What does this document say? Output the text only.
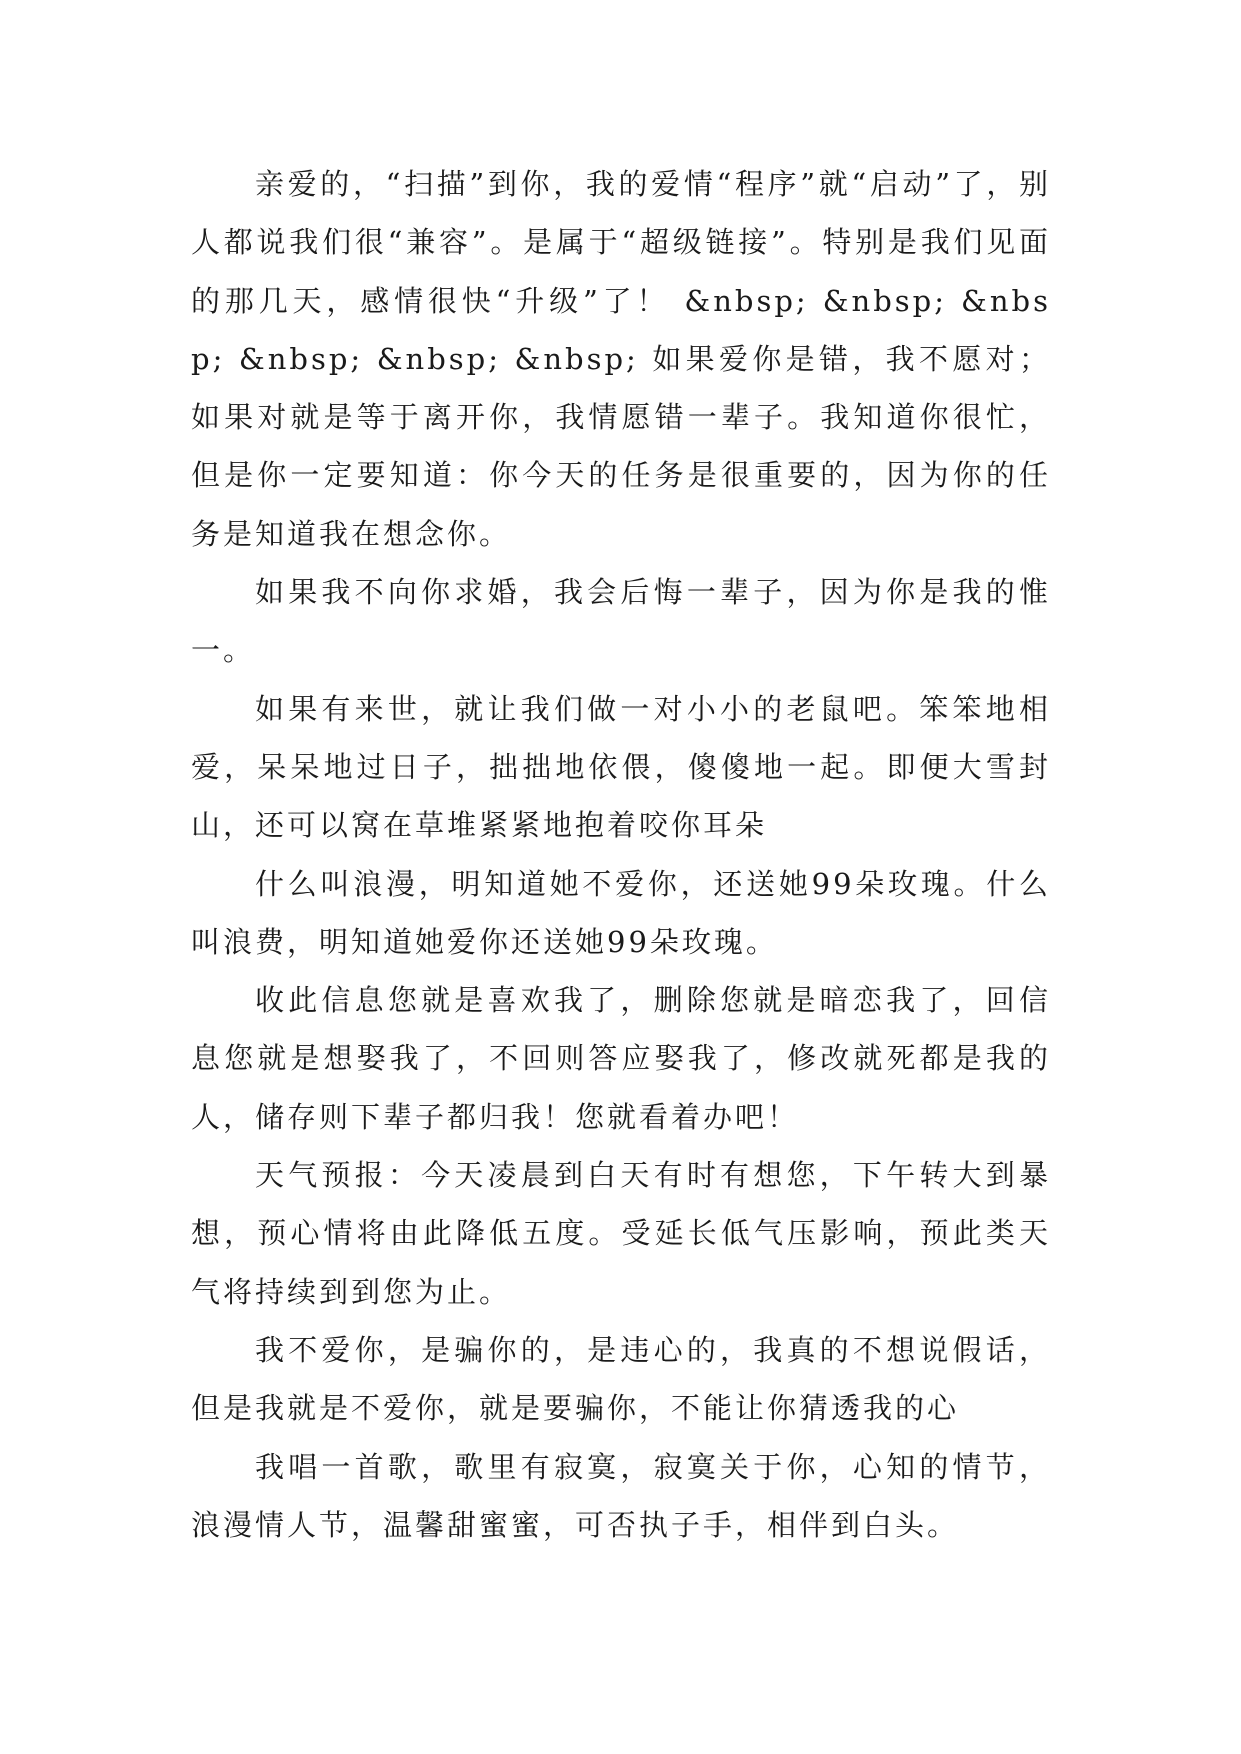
亲爱的，“扫描”到你，我的爱情“程序”就“启动”了，别人都说我们很“兼容”。是属于“超级链接”。特别是我们见面的那几天，感情很快“升级”了！ &nbsp; &nbsp; &nbsp; &nbsp; &nbsp; &nbsp; 如果爱你是错，我不愿对；如果对就是等于离开你，我情愿错一辈子。我知道你很忙，但是你一定要知道：你今天的任务是很重要的，因为你的任务是知道我在想念你。

如果我不向你求婚，我会后悔一辈子，因为你是我的惟一。

如果有来世，就让我们做一对小小的老鼠吧。笨笨地相爱，呆呆地过日子，拙拙地依偎，傻傻地一起。即便大雪封山，还可以窝在草堆紧紧地抱着咬你耳朵

什么叫浪漫，明知道她不爱你，还送她99朵玫瑰。什么叫浪费，明知道她爱你还送她99朵玫瑰。

收此信息您就是喜欢我了，删除您就是暗恋我了，回信息您就是想娶我了，不回则答应娶我了，修改就死都是我的人，储存则下辈子都归我！您就看着办吧！

天气预报：今天凌晨到白天有时有想您，下午转大到暴想，预心情将由此降低五度。受延长低气压影响，预此类天气将持续到到您为止。

我不爱你，是骗你的，是违心的，我真的不想说假话，但是我就是不爱你，就是要骗你，不能让你猜透我的心

我唱一首歌，歌里有寂寞，寂寞关于你，心知的情节，浪漫情人节，温馨甜蜜蜜，可否执子手，相伴到白头。
